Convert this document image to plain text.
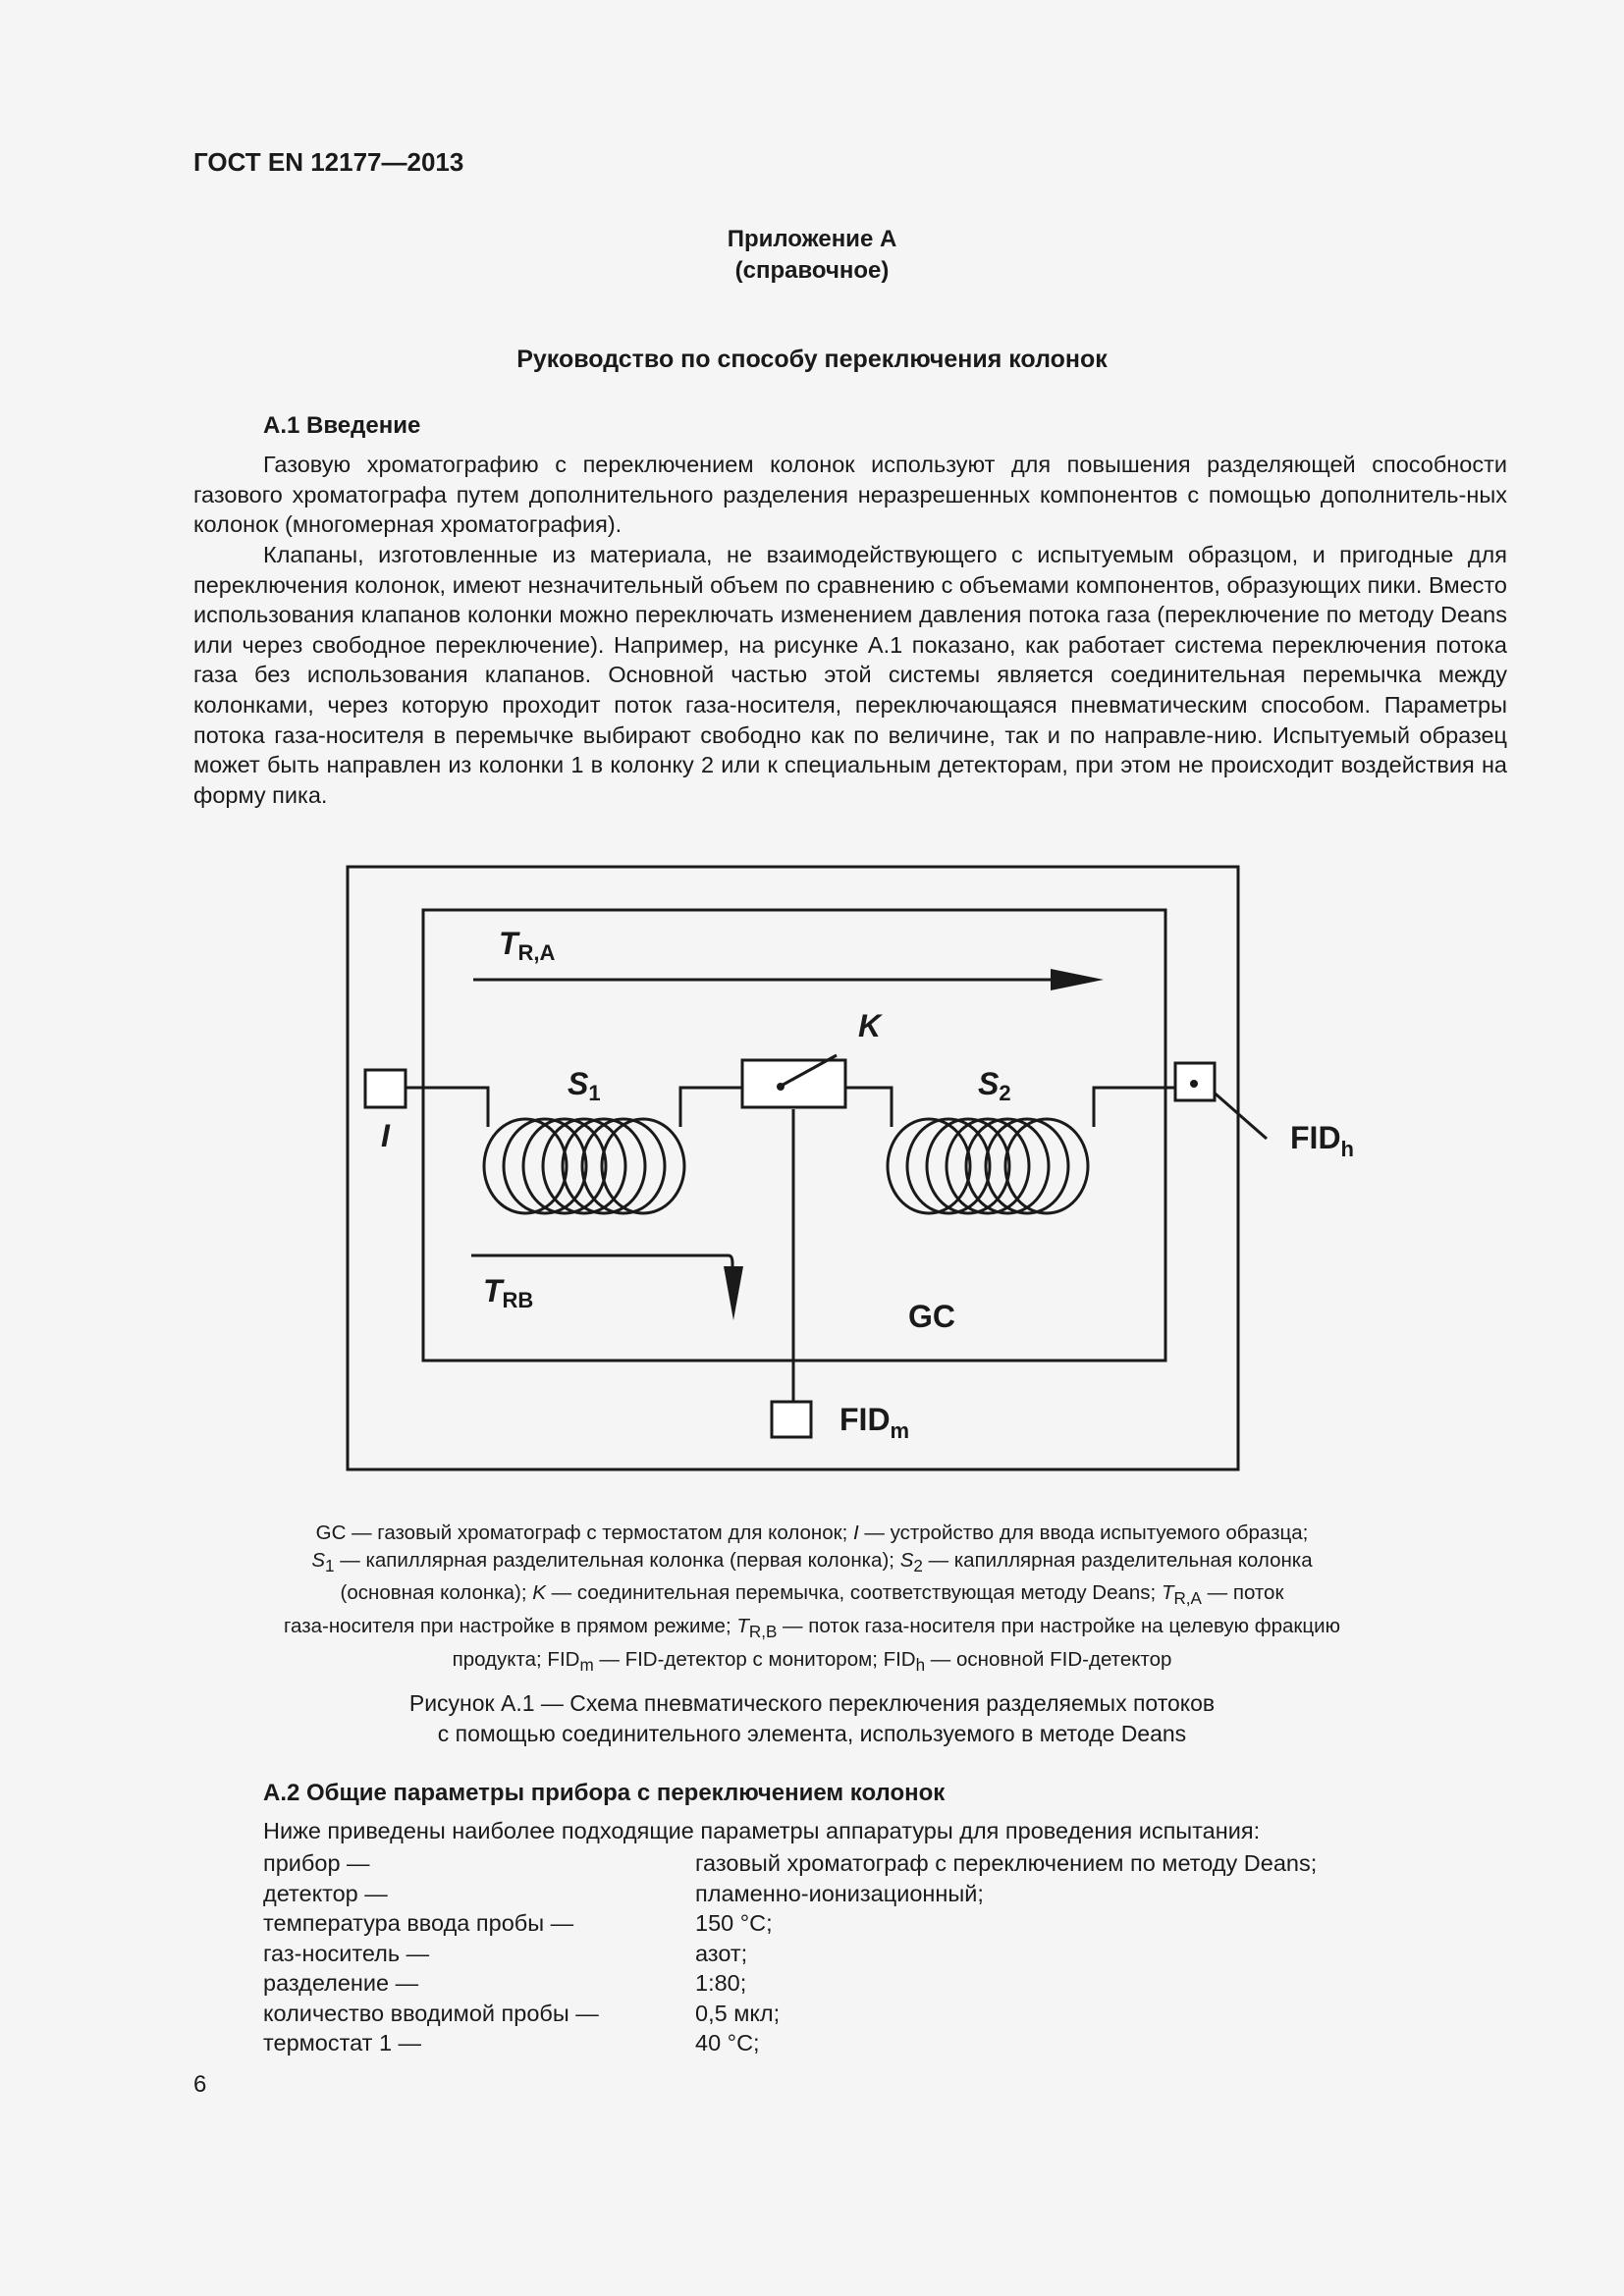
ГОСТ EN 12177—2013
Приложение А
(справочное)
Руководство по способу переключения колонок
А.1 Введение

Газовую хроматографию с переключением колонок используют для повышения разделяющей способности газового хроматографа путем дополнительного разделения неразрешенных компонентов с помощью дополнитель-ных колонок (многомерная хроматография).

Клапаны, изготовленные из материала, не взаимодействующего с испытуемым образцом, и пригодные для переключения колонок, имеют незначительный объем по сравнению с объемами компонентов, образующих пики. Вместо использования клапанов колонки можно переключать изменением давления потока газа (переключение по методу Deans или через свободное переключение). Например, на рисунке А.1 показано, как работает система переключения потока газа без использования клапанов. Основной частью этой системы является соединительная перемычка между колонками, через которую проходит поток газа-носителя, переключающаяся пневматическим способом. Параметры потока газа-носителя в перемычке выбирают свободно как по величине, так и по направле-нию. Испытуемый образец может быть направлен из колонки 1 в колонку 2 или к специальным детекторам, при этом не происходит воздействия на форму пика.

TR,A
I
S1	S2
K
$FID_h$
TRB	GC
$FID_m$
GC — газовый хроматограф с термостатом для колонок; I — устройство для ввода испытуемого образца;
$S_1$ — капиллярная разделительная колонка (первая колонка); $S_2$ — капиллярная разделительная колонка
(основная колонка); K — соединительная перемычка, соответствующая методу Deans; $T_{R,A}$ — поток
газа-носителя при настройке в прямом режиме; $T_{R,B}$ — поток газа-носителя при настройке на целевую фракцию
продукта; $FID_m$ — FID-детектор с монитором; $FID_h$ — основной FID-детектор
Рисунок А.1 — Схема пневматического переключения разделяемых потоков
с помощью соединительного элемента, используемого в методе Deans
А.2 Общие параметры прибора с переключением колонок
Ниже приведены наиболее подходящие параметры аппаратуры для проведения испытания:
прибор —	газовый хроматограф с переключением по методу Deans;
детектор —	пламенно-ионизационный;
температура ввода пробы —	150 °С;
газ-носитель —	азот;
разделение —	1:80;
количество вводимой пробы —	0,5 мкл;
термостат 1 —	40 °С;
6
